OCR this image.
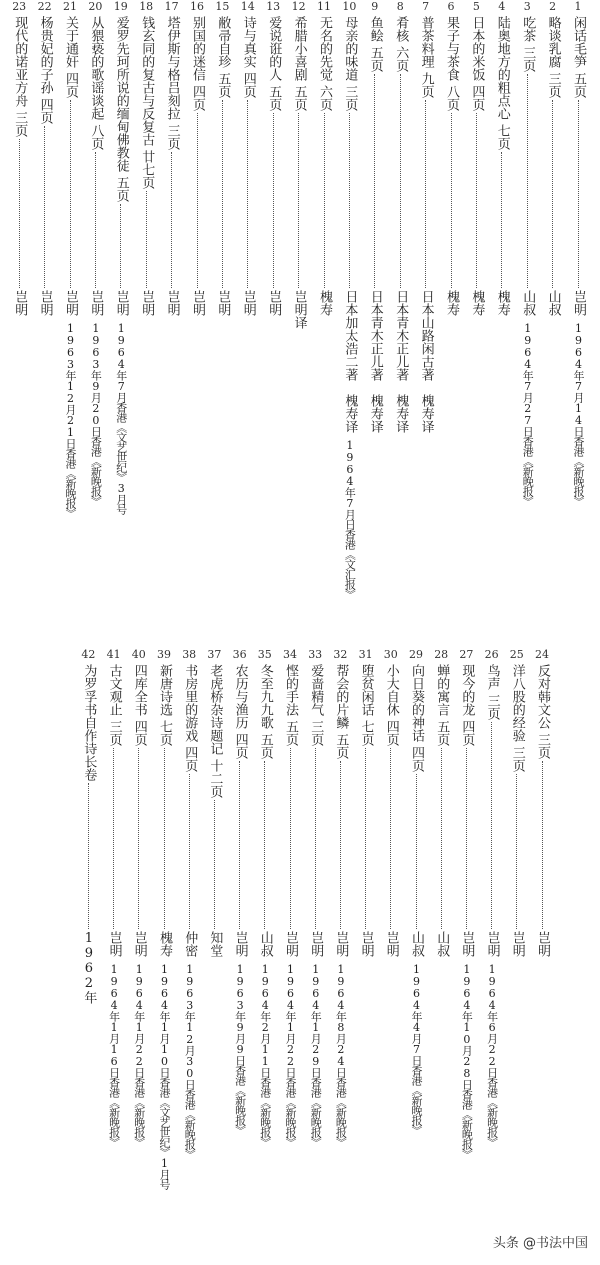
1
闲话毛笋
五页
岂明
1964年7月14日香港《新晚报》
2
略谈乳腐
三页
山叔
3
吃茶
三页
山叔
1964年7月27日香港《新晚报》
4
陆奥地方的粗点心
七页
槐寿
5
日本的米饭
四页
槐寿
6
果子与茶食
八页
槐寿
7
普茶料理
九页
日本山路闲古著　槐寿译
8
肴核
六页
日本青木正儿著　槐寿译
9
鱼鲙
五页
日本青木正儿著　槐寿译
10
母亲的味道
三页
日本加太浩二著　槐寿译
1964年7月日香港《文汇报》
11
无名的先觉
六页
槐寿
12
希腊小喜剧
五页
岂明译
13
爱说诳的人
五页
岂明
14
诗与真实
四页
岂明
15
敝帚自珍
五页
岂明
16
别国的迷信
四页
岂明
17
塔伊斯与格吕刻拉
三页
岂明
18
钱玄同的复古与反复古
廿七页
岂明
19
爱罗先珂所说的缅甸佛教徒
五页
岂明
1964年7月香港《文艺世纪》3月号
20
从猥亵的歌谣谈起
八页
岂明
1963年9月20日香港《新晚报》
21
关于通奸
四页
岂明
1963年12月21日香港《新晚报》
22
杨贵妃的子孙
四页
岂明
23
现代的诺亚方舟
三页
岂明
24
反对韩文公
三页
岂明
25
洋八股的经验
三页
岂明
26
鸟声
三页
岂明
1964年6月22日香港《新晚报》
27
现今的龙
四页
岂明
1964年10月28日香港《新晚报》
28
蝉的寓言
五页
山叔
29
向日葵的神话
四页
山叔
1964年4月7日香港《新晚报》
30
小大自休
四页
岂明
31
堕贫闲话
七页
岂明
32
帮会的片鳞
五页
岂明
1964年8月24日香港《新晚报》
33
爱啬精气
三页
岂明
1964年1月29日香港《新晚报》
34
悭的手法
五页
岂明
1964年1月22日香港《新晚报》
35
冬至九九歌
五页
山叔
1964年2月11日香港《新晚报》
36
农历与渔历
四页
岂明
1963年9月9日香港《新晚报》
37
老虎桥杂诗题记
十二页
知堂
38
书房里的游戏
四页
仲密
1963年12月30日香港《新晚报》
39
新唐诗选
七页
槐寿
1964年1月10日香港《文艺世纪》1月号
40
四库全书
四页
岂明
1964年1月22日香港《新晚报》
41
古文观止
三页
岂明
1964年1月16日香港《新晚报》
42
为罗孚书自作诗长卷
1962年
头条 @书法中国
